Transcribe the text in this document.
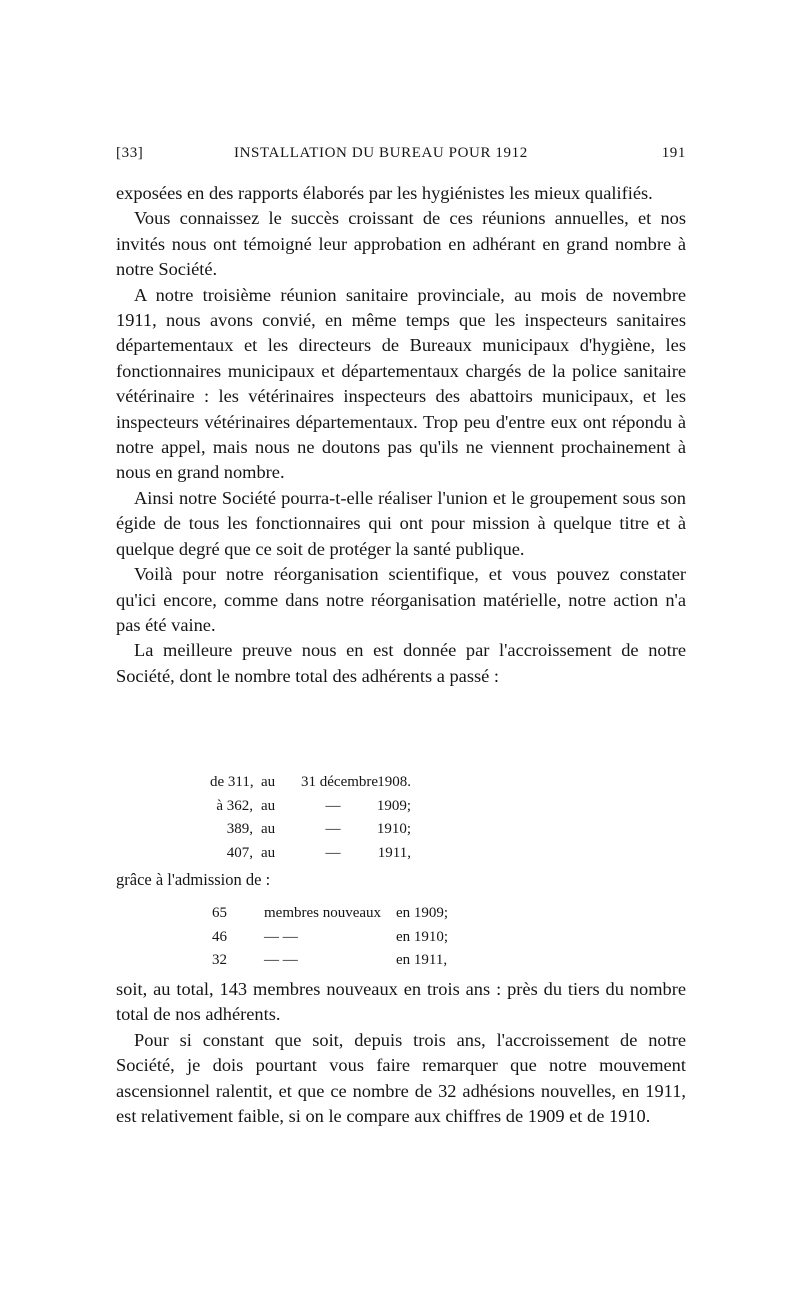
[33]	INSTALLATION DU BUREAU POUR 1912	191

exposées en des rapports élaborés par les hygiénistes les mieux qualifiés.

Vous connaissez le succès croissant de ces réunions annuelles, et nos invités nous ont témoigné leur approbation en adhérant en grand nombre à notre Société.

A notre troisième réunion sanitaire provinciale, au mois de novembre 1911, nous avons convié, en même temps que les inspecteurs sanitaires départementaux et les directeurs de Bureaux municipaux d'hygiène, les fonctionnaires municipaux et départementaux chargés de la police sanitaire vétérinaire : les vétérinaires inspecteurs des abattoirs municipaux, et les inspecteurs vétérinaires départementaux. Trop peu d'entre eux ont répondu à notre appel, mais nous ne doutons pas qu'ils ne viennent prochainement à nous en grand nombre.

Ainsi notre Société pourra-t-elle réaliser l'union et le groupement sous son égide de tous les fonctionnaires qui ont pour mission à quelque titre et à quelque degré que ce soit de protéger la santé publique.

Voilà pour notre réorganisation scientifique, et vous pouvez constater qu'ici encore, comme dans notre réorganisation matérielle, notre action n'a pas été vaine.

La meilleure preuve nous en est donnée par l'accroissement de notre Société, dont le nombre total des adhérents a passé :

de 311, au	31 décembre 1908.
à 362, au	—	1909;
389, au	—	1910;
407, au	—	1911,
grâce à l'admission de :
65	membres nouveaux en 1909;
46	— —	en 1910;
32	— —	en 1911,

soit, au total, 143 membres nouveaux en trois ans : près du tiers du nombre total de nos adhérents.

Pour si constant que soit, depuis trois ans, l'accroissement de notre Société, je dois pourtant vous faire remarquer que notre mouvement ascensionnel ralentit, et que ce nombre de 32 adhésions nouvelles, en 1911, est relativement faible, si on le compare aux chiffres de 1909 et de 1910.
